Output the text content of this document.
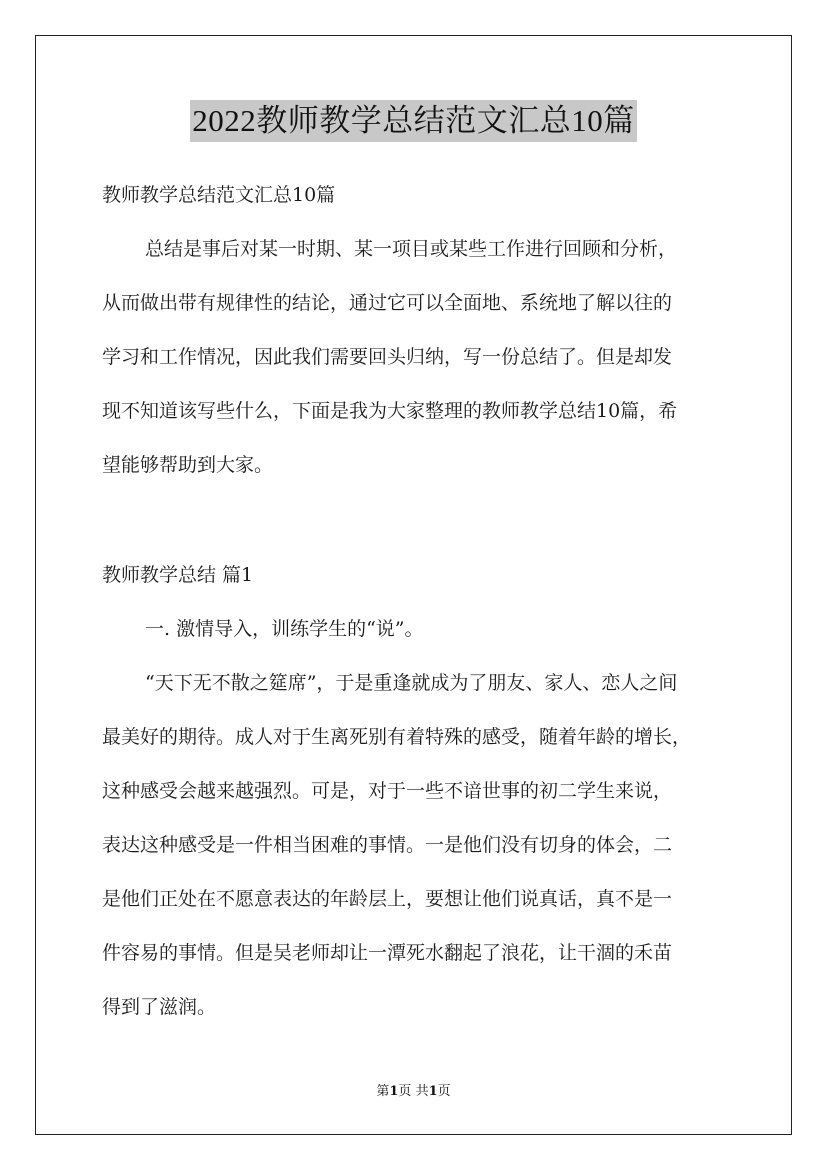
2022教师教学总结范文汇总10篇
教师教学总结范文汇总10篇
总结是事后对某一时期、某一项目或某些工作进行回顾和分析，
从而做出带有规律性的结论，通过它可以全面地、系统地了解以往的
学习和工作情况，因此我们需要回头归纳，写一份总结了。但是却发
现不知道该写些什么，下面是我为大家整理的教师教学总结10篇，希
望能够帮助到大家。
教师教学总结 篇1
一. 激情导入，训练学生的“说”。
“天下无不散之筵席”，于是重逢就成为了朋友、家人、恋人之间
最美好的期待。成人对于生离死别有着特殊的感受，随着年龄的增长，
这种感受会越来越强烈。可是，对于一些不谙世事的初二学生来说，
表达这种感受是一件相当困难的事情。一是他们没有切身的体会，二
是他们正处在不愿意表达的年龄层上，要想让他们说真话，真不是一
件容易的事情。但是吴老师却让一潭死水翻起了浪花，让干涸的禾苗
得到了滋润。
第1页 共1页
